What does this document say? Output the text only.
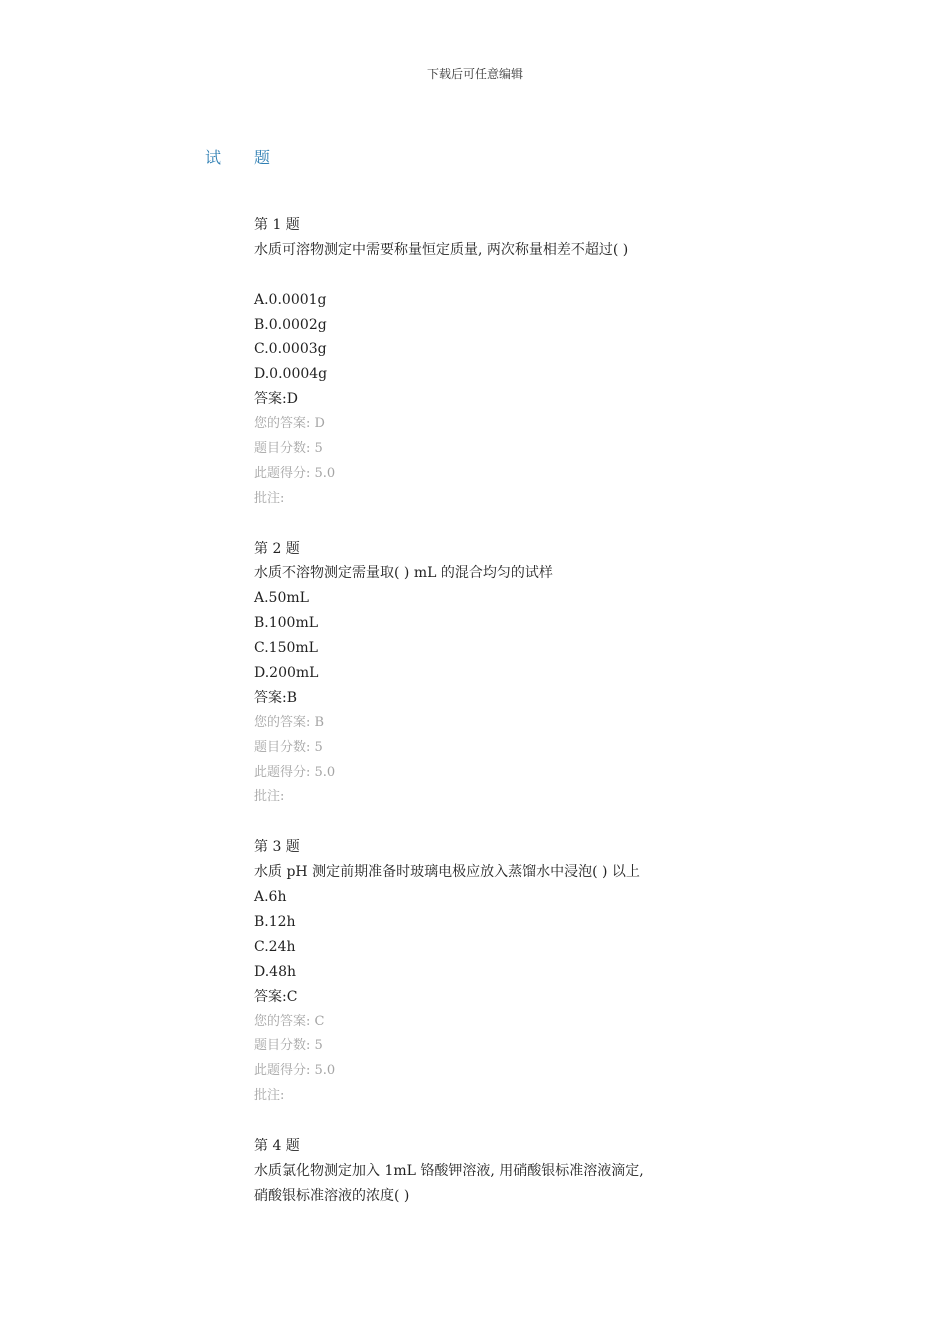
下载后可任意编辑
试 题
第 1 题
水质可溶物测定中需要称量恒定质量, 两次称量相差不超过( )
A.0.0001g
B.0.0002g
C.0.0003g
D.0.0004g
答案:D
您的答案: D
题目分数: 5
此题得分: 5.0
批注:
第 2 题
水质不溶物测定需量取( ) mL 的混合均匀的试样
A.50mL
B.100mL
C.150mL
D.200mL
答案:B
您的答案: B
题目分数: 5
此题得分: 5.0
批注:
第 3 题
水质 pH 测定前期准备时玻璃电极应放入蒸馏水中浸泡( ) 以上
A.6h
B.12h
C.24h
D.48h
答案:C
您的答案: C
题目分数: 5
此题得分: 5.0
批注:
第 4 题
水质氯化物测定加入 1mL 铬酸钾溶液, 用硝酸银标准溶液滴定,
硝酸银标准溶液的浓度( )
